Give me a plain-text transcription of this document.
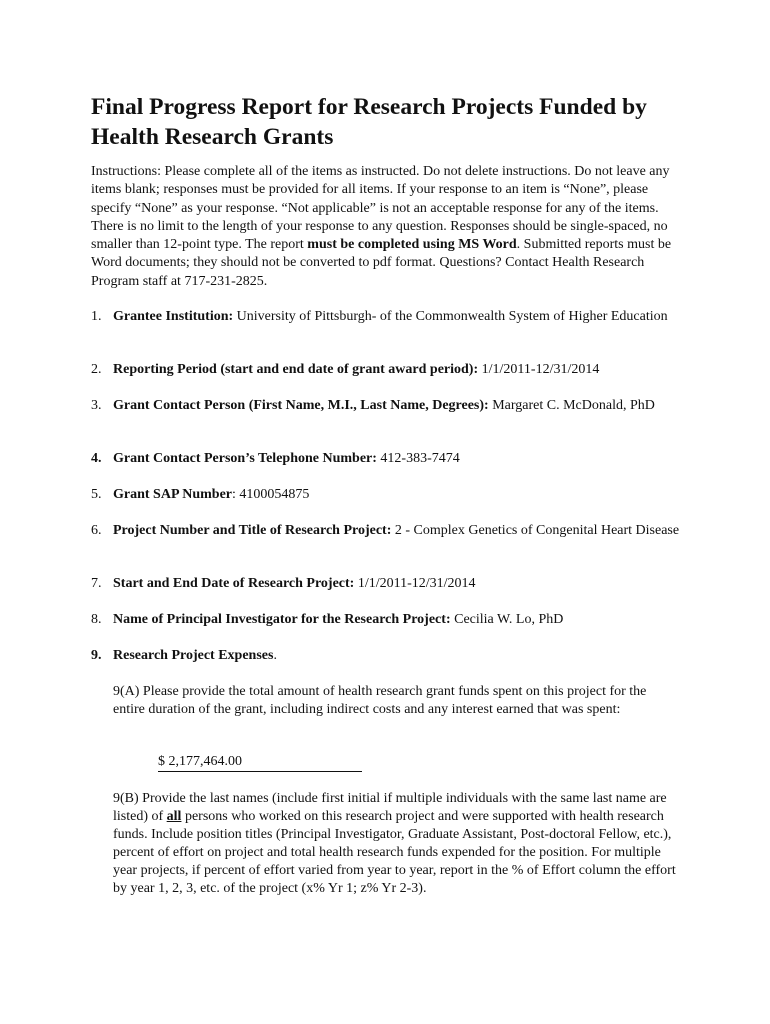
Final Progress Report for Research Projects Funded by Health Research Grants

Instructions: Please complete all of the items as instructed. Do not delete instructions. Do not leave any items blank; responses must be provided for all items. If your response to an item is “None”, please specify “None” as your response. “Not applicable” is not an acceptable response for any of the items. There is no limit to the length of your response to any question. Responses should be single-spaced, no smaller than 12-point type. The report must be completed using MS Word. Submitted reports must be Word documents; they should not be converted to pdf format. Questions? Contact Health Research Program staff at 717-231-2825.

1. Grantee Institution: University of Pittsburgh- of the Commonwealth System of Higher Education
2. Reporting Period (start and end date of grant award period): 1/1/2011-12/31/2014
3. Grant Contact Person (First Name, M.I., Last Name, Degrees): Margaret C. McDonald, PhD
4. Grant Contact Person’s Telephone Number: 412-383-7474
5. Grant SAP Number: 4100054875
6. Project Number and Title of Research Project: 2 - Complex Genetics of Congenital Heart Disease
7. Start and End Date of Research Project: 1/1/2011-12/31/2014
8. Name of Principal Investigator for the Research Project: Cecilia W. Lo, PhD
9. Research Project Expenses.

9(A) Please provide the total amount of health research grant funds spent on this project for the entire duration of the grant, including indirect costs and any interest earned that was spent:

$ 2,177,464.00

9(B) Provide the last names (include first initial if multiple individuals with the same last name are listed) of all persons who worked on this research project and were supported with health research funds. Include position titles (Principal Investigator, Graduate Assistant, Post-doctoral Fellow, etc.), percent of effort on project and total health research funds expended for the position. For multiple year projects, if percent of effort varied from year to year, report in the % of Effort column the effort by year 1, 2, 3, etc. of the project (x% Yr 1; z% Yr 2-3).
